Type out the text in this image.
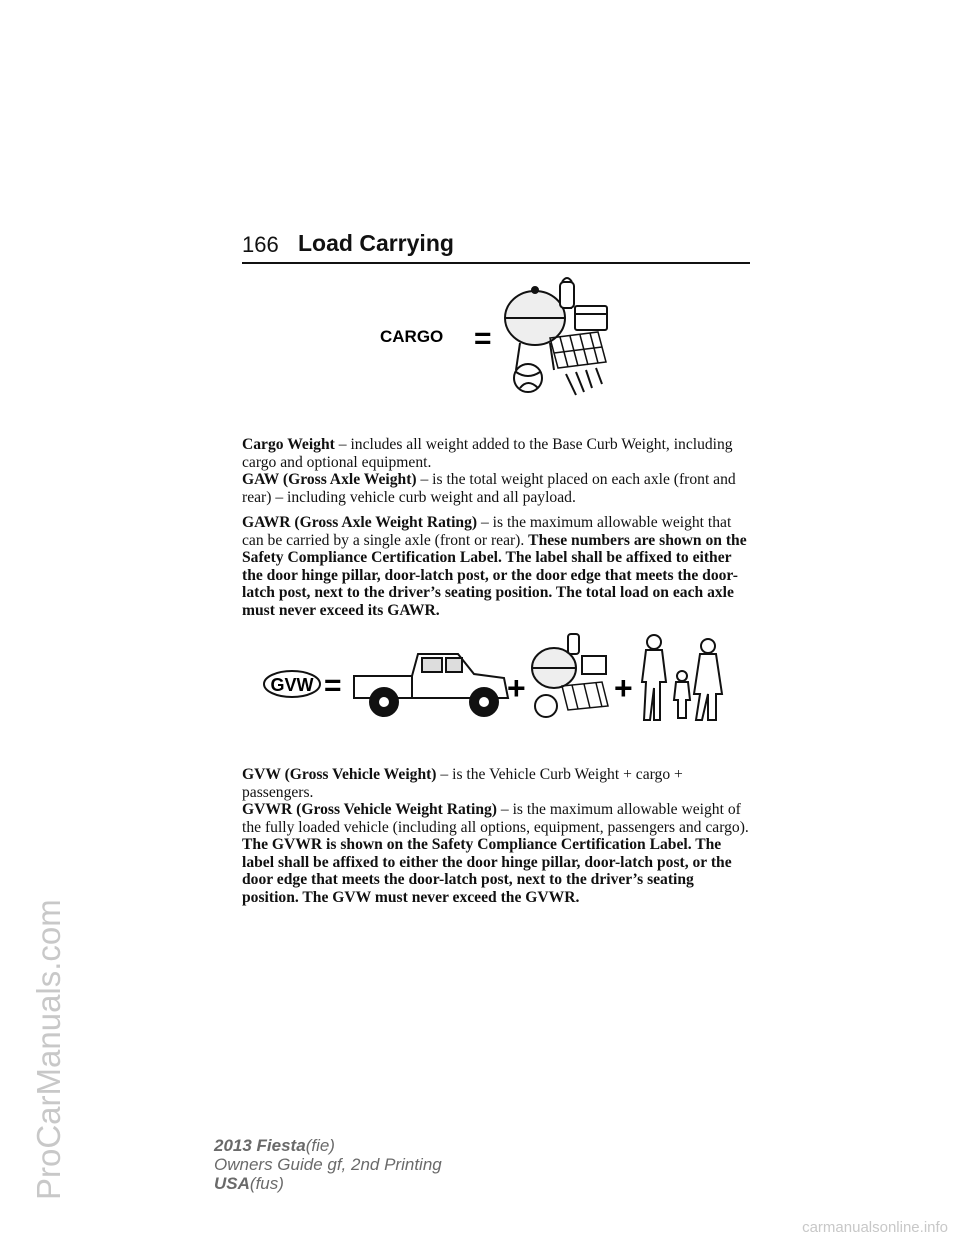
ProCarManuals.com
166 Load Carrying
CARGO =

Cargo Weight – includes all weight added to the Base Curb Weight, including cargo and optional equipment.

GAW (Gross Axle Weight) – is the total weight placed on each axle (front and rear) – including vehicle curb weight and all payload.

GAWR (Gross Axle Weight Rating) – is the maximum allowable weight that can be carried by a single axle (front or rear). These numbers are shown on the Safety Compliance Certification Label. The label shall be affixed to either the door hinge pillar, door-latch post, or the door edge that meets the door-latch post, next to the driver’s seating position. The total load on each axle must never exceed its GAWR.

GVW =	+	+

GVW (Gross Vehicle Weight) – is the Vehicle Curb Weight + cargo + passengers.

GVWR (Gross Vehicle Weight Rating) – is the maximum allowable weight of the fully loaded vehicle (including all options, equipment, passengers and cargo). The GVWR is shown on the Safety Compliance Certification Label. The label shall be affixed to either the door hinge pillar, door-latch post, or the door edge that meets the door-latch post, next to the driver’s seating position. The GVW must never exceed the GVWR.

2013 Fiesta(fie)
Owners Guide gf, 2nd Printing
USA(fus)
carmanualsonline.info
